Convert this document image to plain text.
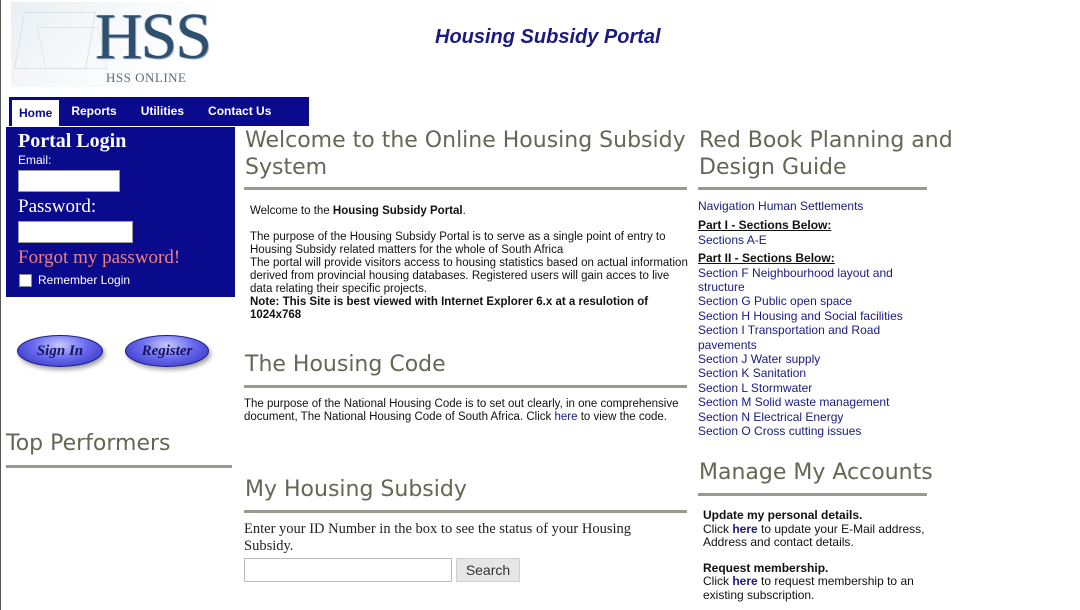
HSS
HSS ONLINE
Housing Subsidy Portal
Home	Reports	Utilities	Contact Us
Portal Login
Email:
Password:
Forgot my password!
Remember Login
Sign In	Register
Top Performers
Welcome to the Online Housing Subsidy
System

Welcome to the Housing Subsidy Portal.

The purpose of the Housing Subsidy Portal is to serve as a single point of entry to Housing Subsidy related matters for the whole of South Africa
The portal will provide visitors access to housing statistics based on actual information derived from provincial housing databases. Registered users will gain acces to live data relating their specific projects.
Note: This Site is best viewed with Internet Explorer 6.x at a resulotion of 1024x768
The Housing Code
The purpose of the National Housing Code is to set out clearly, in one comprehensive document, The National Housing Code of South Africa. Click here to view the code.
My Housing Subsidy
Enter your ID Number in the box to see the status of your Housing Subsidy.
Search
Red Book Planning and
Design Guide
Navigation Human Settlements
Part I - Sections Below:
Sections A-E
Part II - Sections Below:
Section F Neighbourhood layout and structure
Section G Public open space
Section H Housing and Social facilities
Section I Transportation and Road pavements
Section J Water supply
Section K Sanitation
Section L Stormwater
Section M Solid waste management
Section N Electrical Energy
Section O Cross cutting issues
Manage My Accounts
Update my personal details.
Click here to update your E-Mail address, Address and contact details.
Request membership.
Click here to request membership to an existing subscription.
